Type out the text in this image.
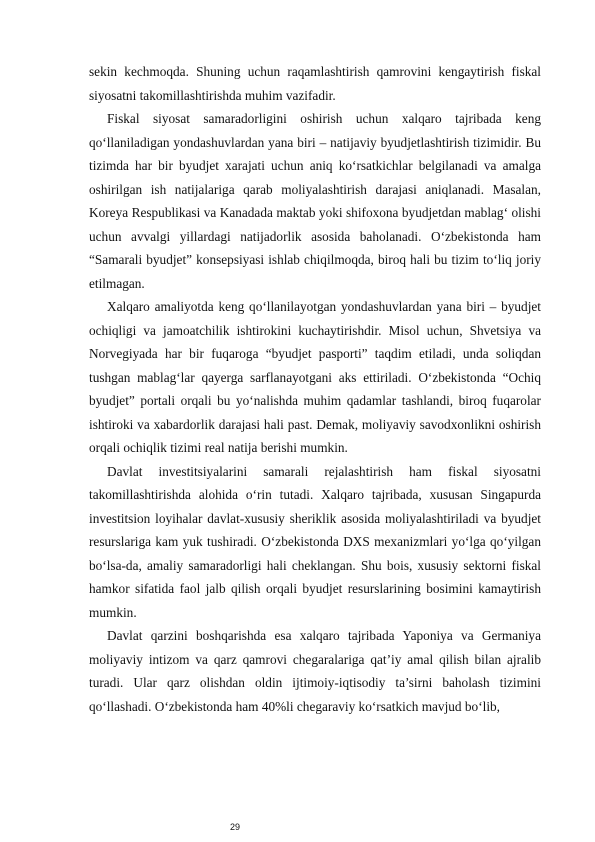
sekin kechmoqda. Shuning uchun raqamlashtirish qamrovini kengaytirish fiskal siyosatni takomillashtirishda muhim vazifadir.

Fiskal siyosat samaradorligini oshirish uchun xalqaro tajribada keng qo‘llaniladigan yondashuvlardan yana biri – natijaviy byudjetlashtirish tizimidir. Bu tizimda har bir byudjet xarajati uchun aniq ko‘rsatkichlar belgilanadi va amalga oshirilgan ish natijalariga qarab moliyalashtirish darajasi aniqlanadi. Masalan, Koreya Respublikasi va Kanadada maktab yoki shifoxona byudjetdan mablag‘ olishi uchun avvalgi yillardagi natijadorlik asosida baholanadi. O‘zbekistonda ham “Samarali byudjet” konsepsiyasi ishlab chiqilmoqda, biroq hali bu tizim to‘liq joriy etilmagan.

Xalqaro amaliyotda keng qo‘llanilayotgan yondashuvlardan yana biri – byudjet ochiqligi va jamoatchilik ishtirokini kuchaytirishdir. Misol uchun, Shvetsiya va Norvegiyada har bir fuqaroga “byudjet pasporti” taqdim etiladi, unda soliqdan tushgan mablag‘lar qayerga sarflanayotgani aks ettiriladi. O‘zbekistonda “Ochiq byudjet” portali orqali bu yo‘nalishda muhim qadamlar tashlandi, biroq fuqarolar ishtiroki va xabardorlik darajasi hali past. Demak, moliyaviy savodxonlikni oshirish orqali ochiqlik tizimi real natija berishi mumkin.

Davlat investitsiyalarini samarali rejalashtirish ham fiskal siyosatni takomillashtirishda alohida o‘rin tutadi. Xalqaro tajribada, xususan Singapurda investitsion loyihalar davlat-xususiy sheriklik asosida moliyalashtiriladi va byudjet resurslariga kam yuk tushiradi. O‘zbekistonda DXS mexanizmlari yo‘lga qo‘yilgan bo‘lsa-da, amaliy samaradorligi hali cheklangan. Shu bois, xususiy sektorni fiskal hamkor sifatida faol jalb qilish orqali byudjet resurslarining bosimini kamaytirish mumkin.

Davlat qarzini boshqarishda esa xalqaro tajribada Yaponiya va Germaniya moliyaviy intizom va qarz qamrovi chegaralariga qat’iy amal qilish bilan ajralib turadi. Ular qarz olishdan oldin ijtimoiy-iqtisodiy ta’sirni baholash tizimini qo‘llashadi. O‘zbekistonda ham 40%li chegaraviy ko‘rsatkich mavjud bo‘lib,

29
